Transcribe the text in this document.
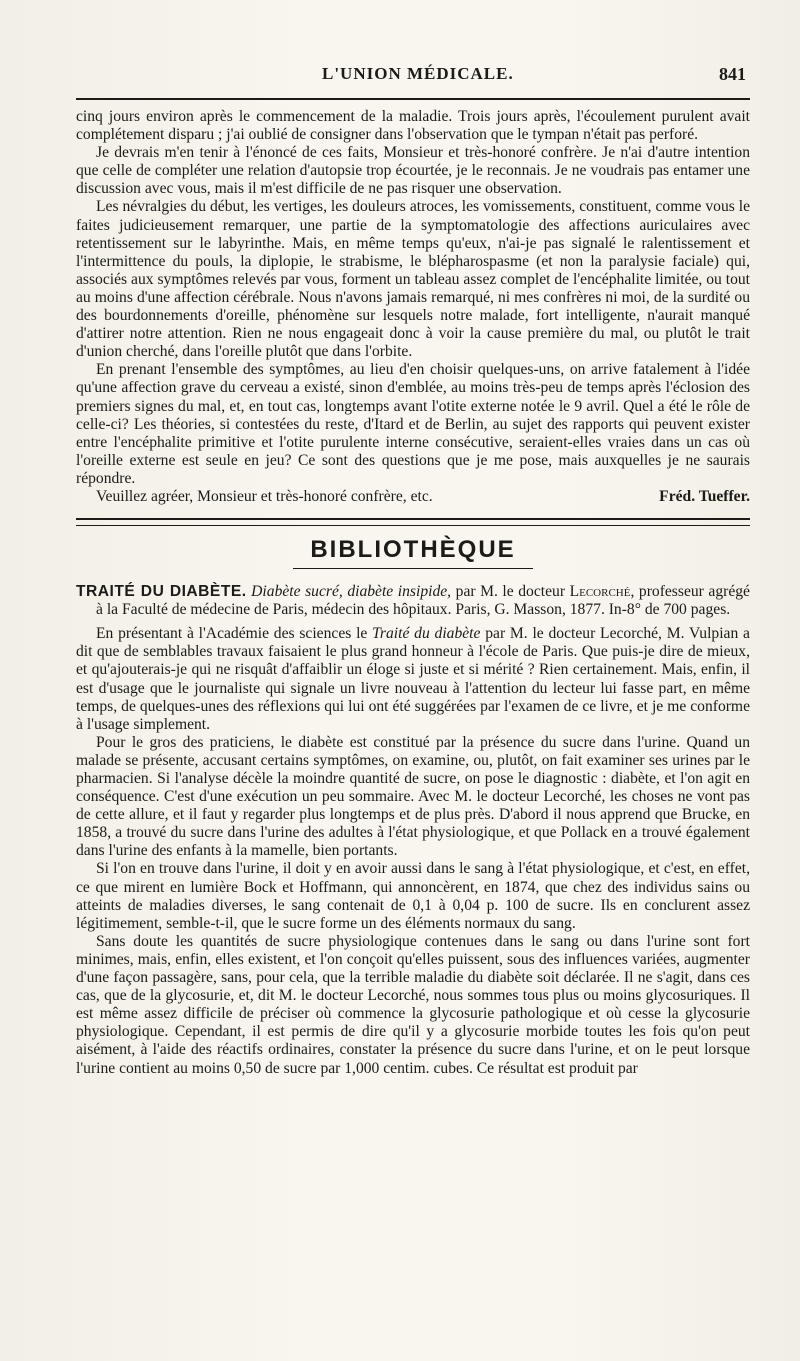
L'UNION MÉDICALE.	841

cinq jours environ après le commencement de la maladie. Trois jours après, l'écoulement purulent avait complétement disparu ; j'ai oublié de consigner dans l'observation que le tympan n'était pas perforé.

Je devrais m'en tenir à l'énoncé de ces faits, Monsieur et très-honoré confrère. Je n'ai d'autre intention que celle de compléter une relation d'autopsie trop écourtée, je le reconnais. Je ne voudrais pas entamer une discussion avec vous, mais il m'est difficile de ne pas risquer une observation.

Les névralgies du début, les vertiges, les douleurs atroces, les vomissements, constituent, comme vous le faites judicieusement remarquer, une partie de la symptomatologie des affections auriculaires avec retentissement sur le labyrinthe. Mais, en même temps qu'eux, n'ai-je pas signalé le ralentissement et l'intermittence du pouls, la diplopie, le strabisme, le blépharospasme (et non la paralysie faciale) qui, associés aux symptômes relevés par vous, forment un tableau assez complet de l'encéphalite limitée, ou tout au moins d'une affection cérébrale. Nous n'avons jamais remarqué, ni mes confrères ni moi, de la surdité ou des bourdonnements d'oreille, phénomène sur lesquels notre malade, fort intelligente, n'aurait manqué d'attirer notre attention. Rien ne nous engageait donc à voir la cause première du mal, ou plutôt le trait d'union cherché, dans l'oreille plutôt que dans l'orbite.

En prenant l'ensemble des symptômes, au lieu d'en choisir quelques-uns, on arrive fatalement à l'idée qu'une affection grave du cerveau a existé, sinon d'emblée, au moins très-peu de temps après l'éclosion des premiers signes du mal, et, en tout cas, longtemps avant l'otite externe notée le 9 avril. Quel a été le rôle de celle-ci? Les théories, si contestées du reste, d'Itard et de Berlin, au sujet des rapports qui peuvent exister entre l'encéphalite primitive et l'otite purulente interne consécutive, seraient-elles vraies dans un cas où l'oreille externe est seule en jeu? Ce sont des questions que je me pose, mais auxquelles je ne saurais répondre.

Veuillez agréer, Monsieur et très-honoré confrère, etc.	Fréd. Tueffer.

BIBLIOTHÈQUE

TRAITÉ DU DIABÈTE. Diabète sucré, diabète insipide, par M. le docteur Lecorché, professeur agrégé à la Faculté de médecine de Paris, médecin des hôpitaux. Paris, G. Masson, 1877. In-8° de 700 pages.

En présentant à l'Académie des sciences le Traité du diabète par M. le docteur Lecorché, M. Vulpian a dit que de semblables travaux faisaient le plus grand honneur à l'école de Paris. Que puis-je dire de mieux, et qu'ajouterais-je qui ne risquât d'affaiblir un éloge si juste et si mérité ? Rien certainement. Mais, enfin, il est d'usage que le journaliste qui signale un livre nouveau à l'attention du lecteur lui fasse part, en même temps, de quelques-unes des réflexions qui lui ont été suggérées par l'examen de ce livre, et je me conforme à l'usage simplement.

Pour le gros des praticiens, le diabète est constitué par la présence du sucre dans l'urine. Quand un malade se présente, accusant certains symptômes, on examine, ou, plutôt, on fait examiner ses urines par le pharmacien. Si l'analyse décèle la moindre quantité de sucre, on pose le diagnostic : diabète, et l'on agit en conséquence. C'est d'une exécution un peu sommaire. Avec M. le docteur Lecorché, les choses ne vont pas de cette allure, et il faut y regarder plus longtemps et de plus près. D'abord il nous apprend que Brucke, en 1858, a trouvé du sucre dans l'urine des adultes à l'état physiologique, et que Pollack en a trouvé également dans l'urine des enfants à la mamelle, bien portants.

Si l'on en trouve dans l'urine, il doit y en avoir aussi dans le sang à l'état physiologique, et c'est, en effet, ce que mirent en lumière Bock et Hoffmann, qui annoncèrent, en 1874, que chez des individus sains ou atteints de maladies diverses, le sang contenait de 0,1 à 0,04 p. 100 de sucre. Ils en conclurent assez légitimement, semble-t-il, que le sucre forme un des éléments normaux du sang.

Sans doute les quantités de sucre physiologique contenues dans le sang ou dans l'urine sont fort minimes, mais, enfin, elles existent, et l'on conçoit qu'elles puissent, sous des influences variées, augmenter d'une façon passagère, sans, pour cela, que la terrible maladie du diabète soit déclarée. Il ne s'agit, dans ces cas, que de la glycosurie, et, dit M. le docteur Lecorché, nous sommes tous plus ou moins glycosuriques. Il est même assez difficile de préciser où commence la glycosurie pathologique et où cesse la glycosurie physiologique. Cependant, il est permis de dire qu'il y a glycosurie morbide toutes les fois qu'on peut aisément, à l'aide des réactifs ordinaires, constater la présence du sucre dans l'urine, et on le peut lorsque l'urine contient au moins 0,50 de sucre par 1,000 centim. cubes. Ce résultat est produit par
